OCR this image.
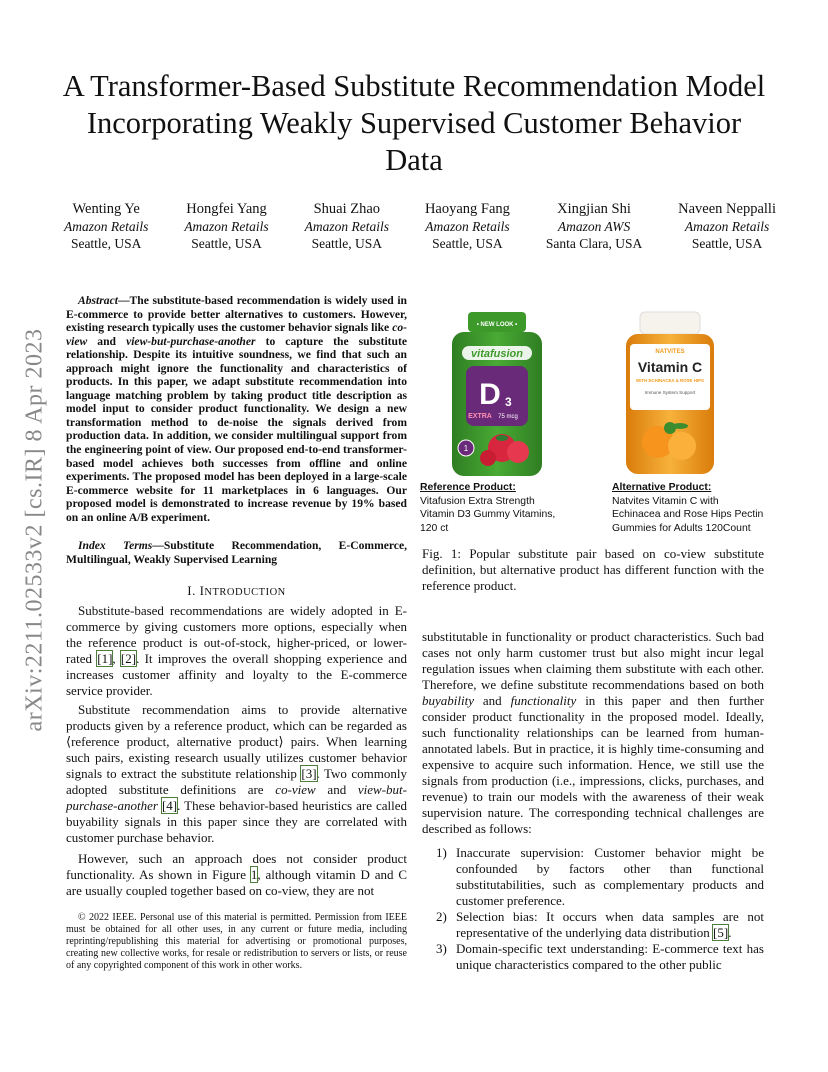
A Transformer-Based Substitute Recommendation Model Incorporating Weakly Supervised Customer Behavior Data
Wenting Ye
Amazon Retails
Seattle, USA
Hongfei Yang
Amazon Retails
Seattle, USA
Shuai Zhao
Amazon Retails
Seattle, USA
Haoyang Fang
Amazon Retails
Seattle, USA
Xingjian Shi
Amazon AWS
Santa Clara, USA
Naveen Neppalli
Amazon Retails
Seattle, USA
arXiv:2211.02533v2 [cs.IR] 8 Apr 2023
Abstract—The substitute-based recommendation is widely used in E-commerce to provide better alternatives to customers. However, existing research typically uses the customer behavior signals like co-view and view-but-purchase-another to capture the substitute relationship. Despite its intuitive soundness, we find that such an approach might ignore the functionality and characteristics of products. In this paper, we adapt substitute recommendation into language matching problem by taking product title description as model input to consider product functionality. We design a new transformation method to de-noise the signals derived from production data. In addition, we consider multilingual support from the engineering point of view. Our proposed end-to-end transformer-based model achieves both successes from offline and online experiments. The proposed model has been deployed in a large-scale E-commerce website for 11 marketplaces in 6 languages. Our proposed model is demonstrated to increase revenue by 19% based on an online A/B experiment.
Index Terms—Substitute Recommendation, E-Commerce, Multilingual, Weakly Supervised Learning
I. INTRODUCTION
Substitute-based recommendations are widely adopted in E-commerce by giving customers more options, especially when the reference product is out-of-stock, higher-priced, or lower-rated [1], [2]. It improves the overall shopping experience and increases customer affinity and loyalty to the E-commerce service provider.
Substitute recommendation aims to provide alternative products given by a reference product, which can be regarded as ⟨reference product, alternative product⟩ pairs. When learning such pairs, existing research usually utilizes customer behavior signals to extract the substitute relationship [3]. Two commonly adopted substitute definitions are co-view and view-but-purchase-another [4]. These behavior-based heuristics are called buyability signals in this paper since they are correlated with customer purchase behavior.
However, such an approach does not consider product functionality. As shown in Figure 1, although vitamin D and C are usually coupled together based on co-view, they are not
© 2022 IEEE. Personal use of this material is permitted. Permission from IEEE must be obtained for all other uses, in any current or future media, including reprinting/republishing this material for advertising or promotional purposes, creating new collective works, for resale or redistribution to servers or lists, or reuse of any copyrighted component of this work in other works.
vitafusion
• NEW LOOK •
D 3
EXTRA 75 mcg
1
NATVITES
Vitamin C
WITH ECHINACEA & ROSE HIPS
Immune System Support
Reference Product:
Vitafusion Extra Strength
Vitamin D3 Gummy Vitamins,
120 ct
Alternative Product:
Natvites Vitamin C with
Echinacea and Rose Hips Pectin
Gummies for Adults 120Count
Fig. 1: Popular substitute pair based on co-view substitute definition, but alternative product has different function with the reference product.
substitutable in functionality or product characteristics. Such bad cases not only harm customer trust but also might incur legal regulation issues when claiming them substitute with each other. Therefore, we define substitute recommendations based on both buyability and functionality in this paper and then further consider product functionality in the proposed model. Ideally, such functionality relationships can be learned from human-annotated labels. But in practice, it is highly time-consuming and expensive to acquire such information. Hence, we still use the signals from production (i.e., impressions, clicks, purchases, and revenue) to train our models with the awareness of their weak supervision nature. The corresponding technical challenges are described as follows:
1) Inaccurate supervision: Customer behavior might be confounded by factors other than functional substitutabilities, such as complementary products and customer preference.
2) Selection bias: It occurs when data samples are not representative of the underlying data distribution [5].
3) Domain-specific text understanding: E-commerce text has unique characteristics compared to the other public
